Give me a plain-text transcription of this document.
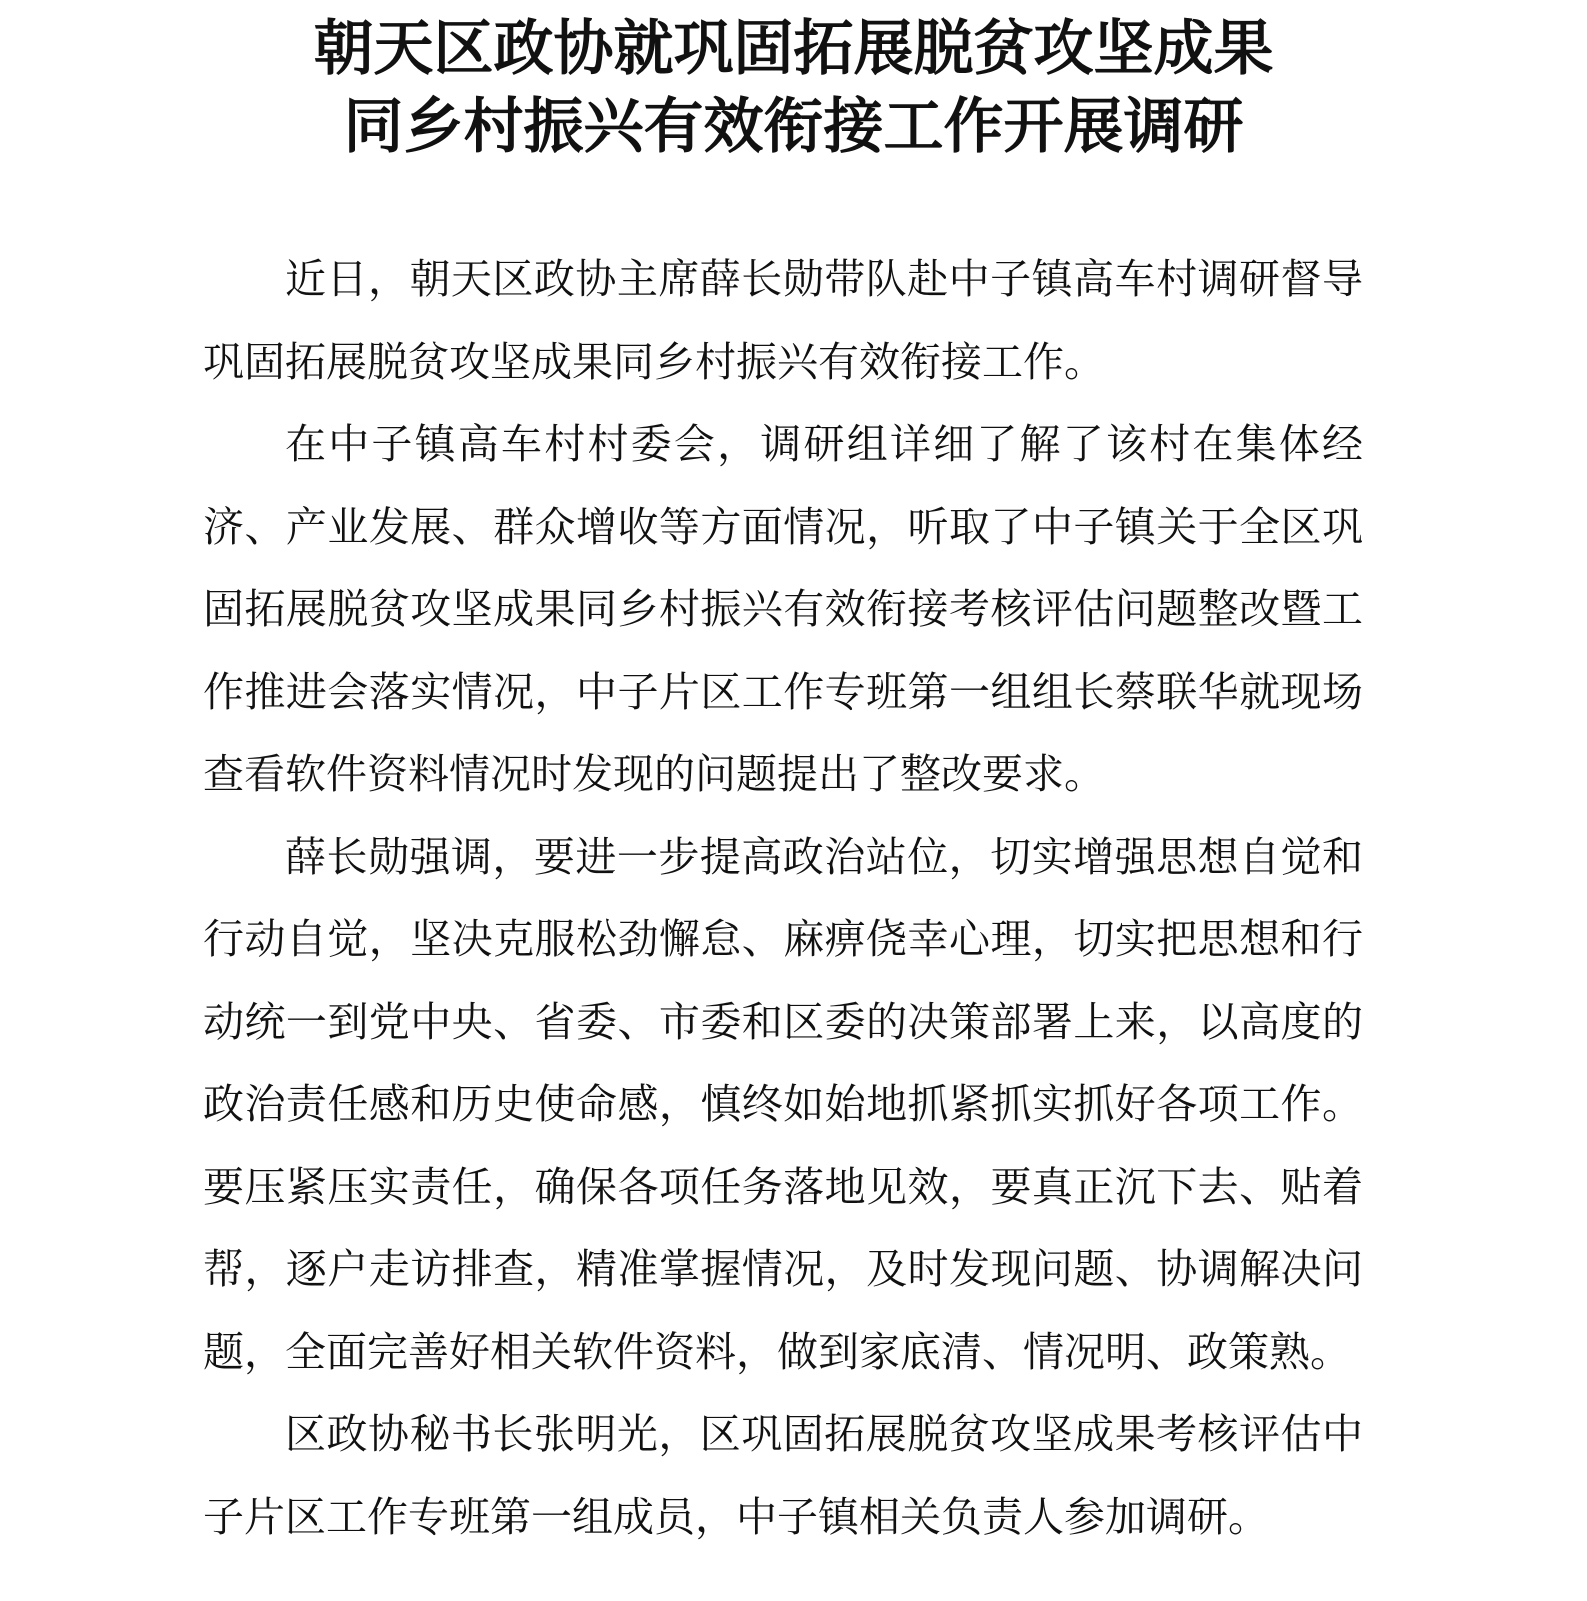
朝天区政协就巩固拓展脱贫攻坚成果
同乡村振兴有效衔接工作开展调研

近日，朝天区政协主席薛长勋带队赴中子镇高车村调研督导巩固拓展脱贫攻坚成果同乡村振兴有效衔接工作。

在中子镇高车村村委会，调研组详细了解了该村在集体经济、产业发展、群众增收等方面情况，听取了中子镇关于全区巩固拓展脱贫攻坚成果同乡村振兴有效衔接考核评估问题整改暨工作推进会落实情况，中子片区工作专班第一组组长蔡联华就现场查看软件资料情况时发现的问题提出了整改要求。

薛长勋强调，要进一步提高政治站位，切实增强思想自觉和行动自觉，坚决克服松劲懈怠、麻痹侥幸心理，切实把思想和行动统一到党中央、省委、市委和区委的决策部署上来，以高度的政治责任感和历史使命感，慎终如始地抓紧抓实抓好各项工作。要压紧压实责任，确保各项任务落地见效，要真正沉下去、贴着帮，逐户走访排查，精准掌握情况，及时发现问题、协调解决问题，全面完善好相关软件资料，做到家底清、情况明、政策熟。

区政协秘书长张明光，区巩固拓展脱贫攻坚成果考核评估中子片区工作专班第一组成员，中子镇相关负责人参加调研。
